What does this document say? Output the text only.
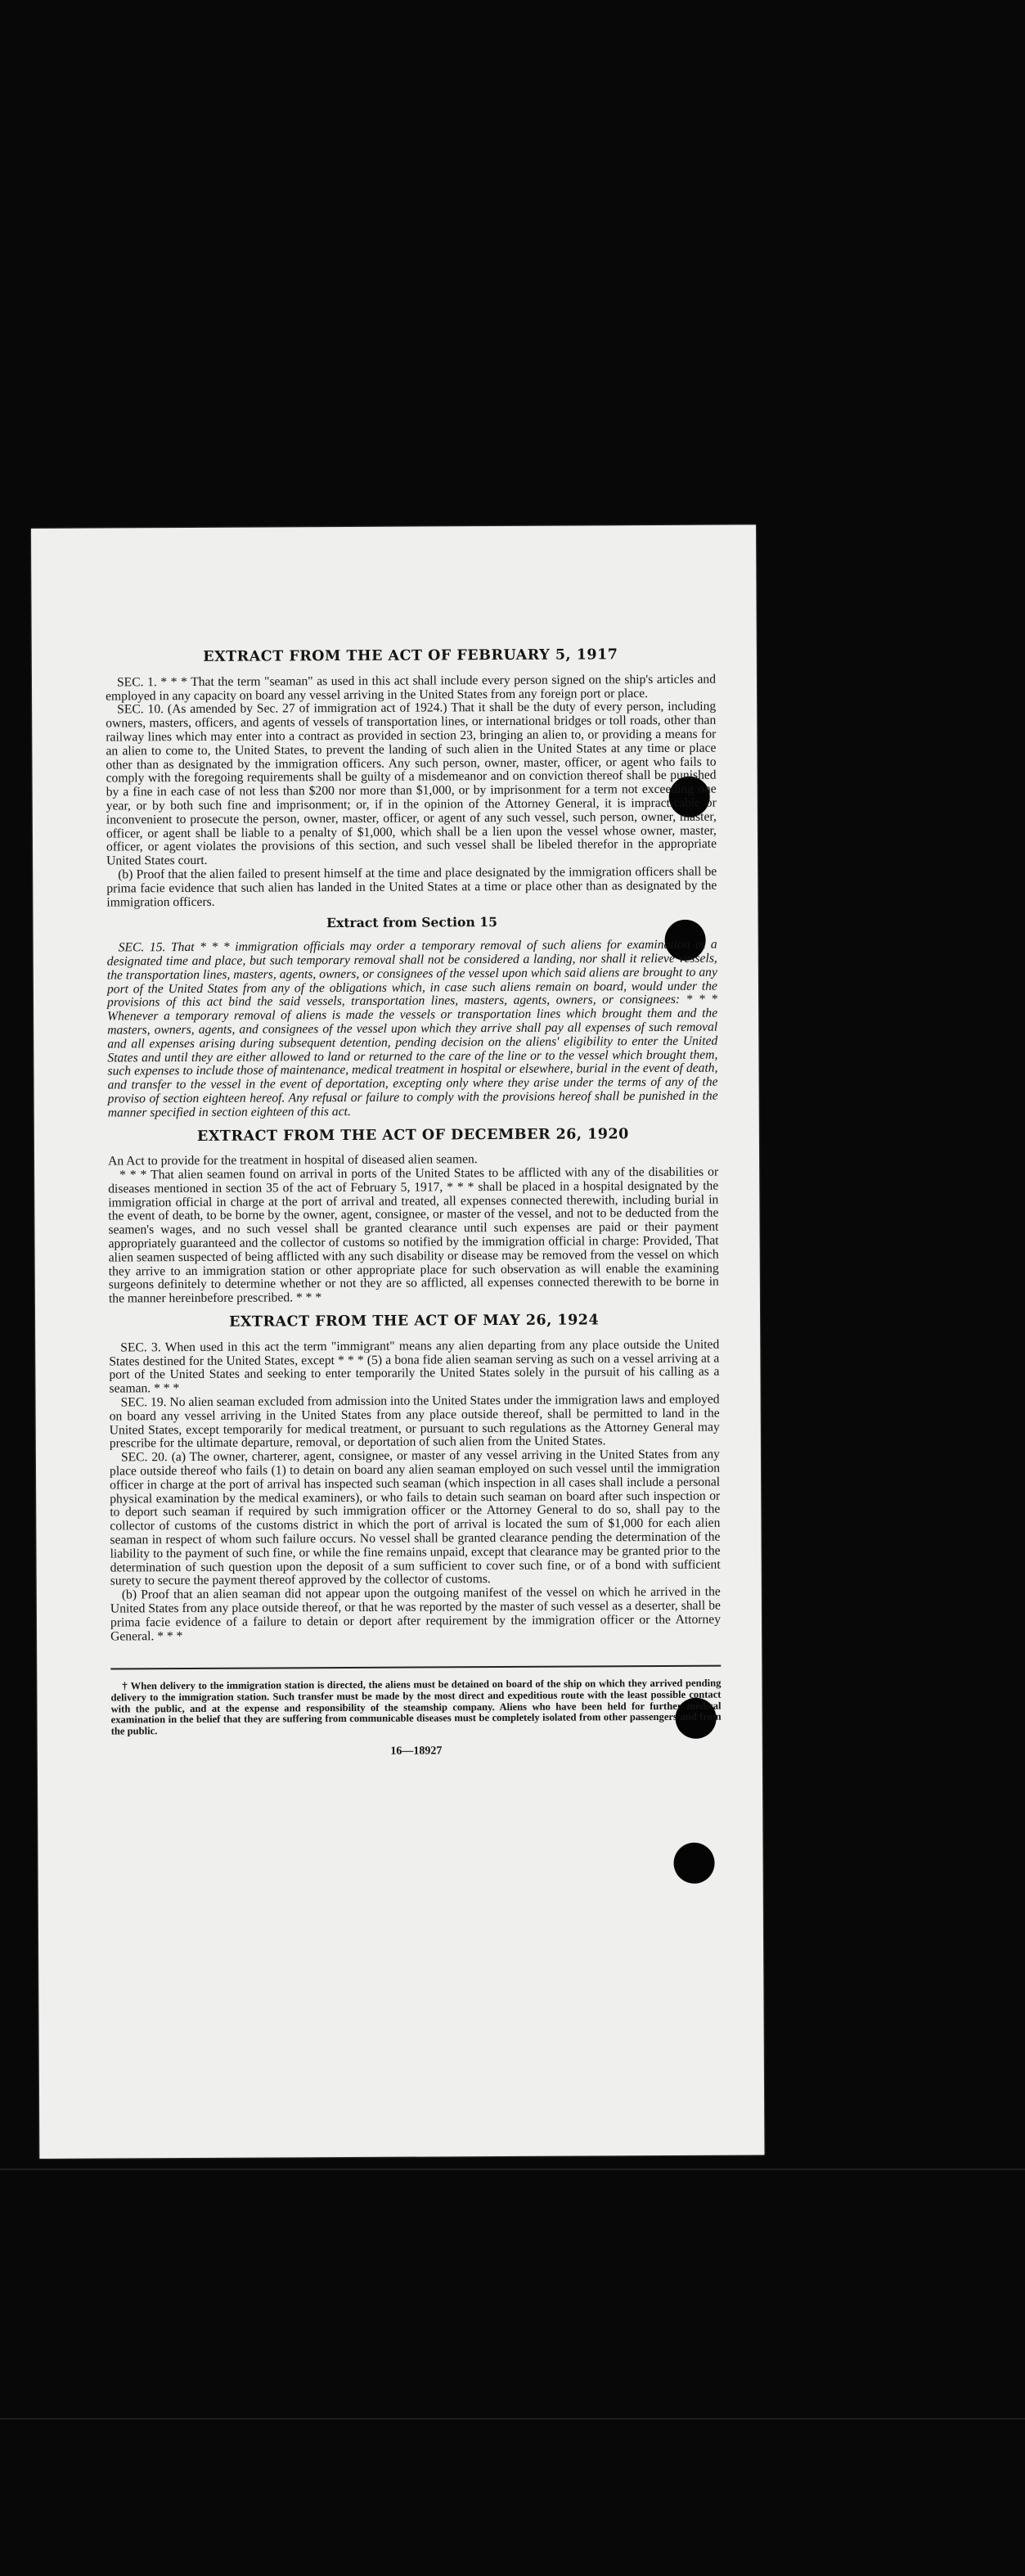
EXTRACT FROM THE ACT OF FEBRUARY 5, 1917

SEC. 1. * * * That the term "seaman" as used in this act shall include every person signed on the ship's articles and employed in any capacity on board any vessel arriving in the United States from any foreign port or place.

SEC. 10. (As amended by Sec. 27 of immigration act of 1924.) That it shall be the duty of every person, including owners, masters, officers, and agents of vessels of transportation lines, or international bridges or toll roads, other than railway lines which may enter into a contract as provided in section 23, bringing an alien to, or providing a means for an alien to come to, the United States, to prevent the landing of such alien in the United States at any time or place other than as designated by the immigration officers. Any such person, owner, master, officer, or agent who fails to comply with the foregoing requirements shall be guilty of a misdemeanor and on conviction thereof shall be punished by a fine in each case of not less than $200 nor more than $1,000, or by imprisonment for a term not exceeding one year, or by both such fine and imprisonment; or, if in the opinion of the Attorney General, it is impracticable or inconvenient to prosecute the person, owner, master, officer, or agent of any such vessel, such person, owner, master, officer, or agent shall be liable to a penalty of $1,000, which shall be a lien upon the vessel whose owner, master, officer, or agent violates the provisions of this section, and such vessel shall be libeled therefor in the appropriate United States court.

(b) Proof that the alien failed to present himself at the time and place designated by the immigration officers shall be prima facie evidence that such alien has landed in the United States at a time or place other than as designated by the immigration officers.

Extract from Section 15

SEC. 15. That * * * immigration officials may order a temporary removal of such aliens for examination at a designated time and place, but such temporary removal shall not be considered a landing, nor shall it relieve vessels, the transportation lines, masters, agents, owners, or consignees of the vessel upon which said aliens are brought to any port of the United States from any of the obligations which, in case such aliens remain on board, would under the provisions of this act bind the said vessels, transportation lines, masters, agents, owners, or consignees: * * * Whenever a temporary removal of aliens is made the vessels or transportation lines which brought them and the masters, owners, agents, and consignees of the vessel upon which they arrive shall pay all expenses of such removal and all expenses arising during subsequent detention, pending decision on the aliens' eligibility to enter the United States and until they are either allowed to land or returned to the care of the line or to the vessel which brought them, such expenses to include those of maintenance, medical treatment in hospital or elsewhere, burial in the event of death, and transfer to the vessel in the event of deportation, excepting only where they arise under the terms of any of the proviso of section eighteen hereof. Any refusal or failure to comply with the provisions hereof shall be punished in the manner specified in section eighteen of this act.

EXTRACT FROM THE ACT OF DECEMBER 26, 1920

An Act to provide for the treatment in hospital of diseased alien seamen.

* * * That alien seamen found on arrival in ports of the United States to be afflicted with any of the disabilities or diseases mentioned in section 35 of the act of February 5, 1917, * * * shall be placed in a hospital designated by the immigration official in charge at the port of arrival and treated, all expenses connected therewith, including burial in the event of death, to be borne by the owner, agent, consignee, or master of the vessel, and not to be deducted from the seamen's wages, and no such vessel shall be granted clearance until such expenses are paid or their payment appropriately guaranteed and the collector of customs so notified by the immigration official in charge: Provided, That alien seamen suspected of being afflicted with any such disability or disease may be removed from the vessel on which they arrive to an immigration station or other appropriate place for such observation as will enable the examining surgeons definitely to determine whether or not they are so afflicted, all expenses connected therewith to be borne in the manner hereinbefore prescribed. * * *

EXTRACT FROM THE ACT OF MAY 26, 1924

SEC. 3. When used in this act the term "immigrant" means any alien departing from any place outside the United States destined for the United States, except * * * (5) a bona fide alien seaman serving as such on a vessel arriving at a port of the United States and seeking to enter temporarily the United States solely in the pursuit of his calling as a seaman. * * *

SEC. 19. No alien seaman excluded from admission into the United States under the immigration laws and employed on board any vessel arriving in the United States from any place outside thereof, shall be permitted to land in the United States, except temporarily for medical treatment, or pursuant to such regulations as the Attorney General may prescribe for the ultimate departure, removal, or deportation of such alien from the United States.

SEC. 20. (a) The owner, charterer, agent, consignee, or master of any vessel arriving in the United States from any place outside thereof who fails (1) to detain on board any alien seaman employed on such vessel until the immigration officer in charge at the port of arrival has inspected such seaman (which inspection in all cases shall include a personal physical examination by the medical examiners), or who fails to detain such seaman on board after such inspection or to deport such seaman if required by such immigration officer or the Attorney General to do so, shall pay to the collector of customs of the customs district in which the port of arrival is located the sum of $1,000 for each alien seaman in respect of whom such failure occurs. No vessel shall be granted clearance pending the determination of the liability to the payment of such fine, or while the fine remains unpaid, except that clearance may be granted prior to the determination of such question upon the deposit of a sum sufficient to cover such fine, or of a bond with sufficient surety to secure the payment thereof approved by the collector of customs.

(b) Proof that an alien seaman did not appear upon the outgoing manifest of the vessel on which he arrived in the United States from any place outside thereof, or that he was reported by the master of such vessel as a deserter, shall be prima facie evidence of a failure to detain or deport after requirement by the immigration officer or the Attorney General. * * *

† When delivery to the immigration station is directed, the aliens must be detained on board of the ship on which they arrived pending delivery to the immigration station. Such transfer must be made by the most direct and expeditious route with the least possible contact with the public, and at the expense and responsibility of the steamship company. Aliens who have been held for further medical examination in the belief that they are suffering from communicable diseases must be completely isolated from other passengers and from the public.

16—18927
